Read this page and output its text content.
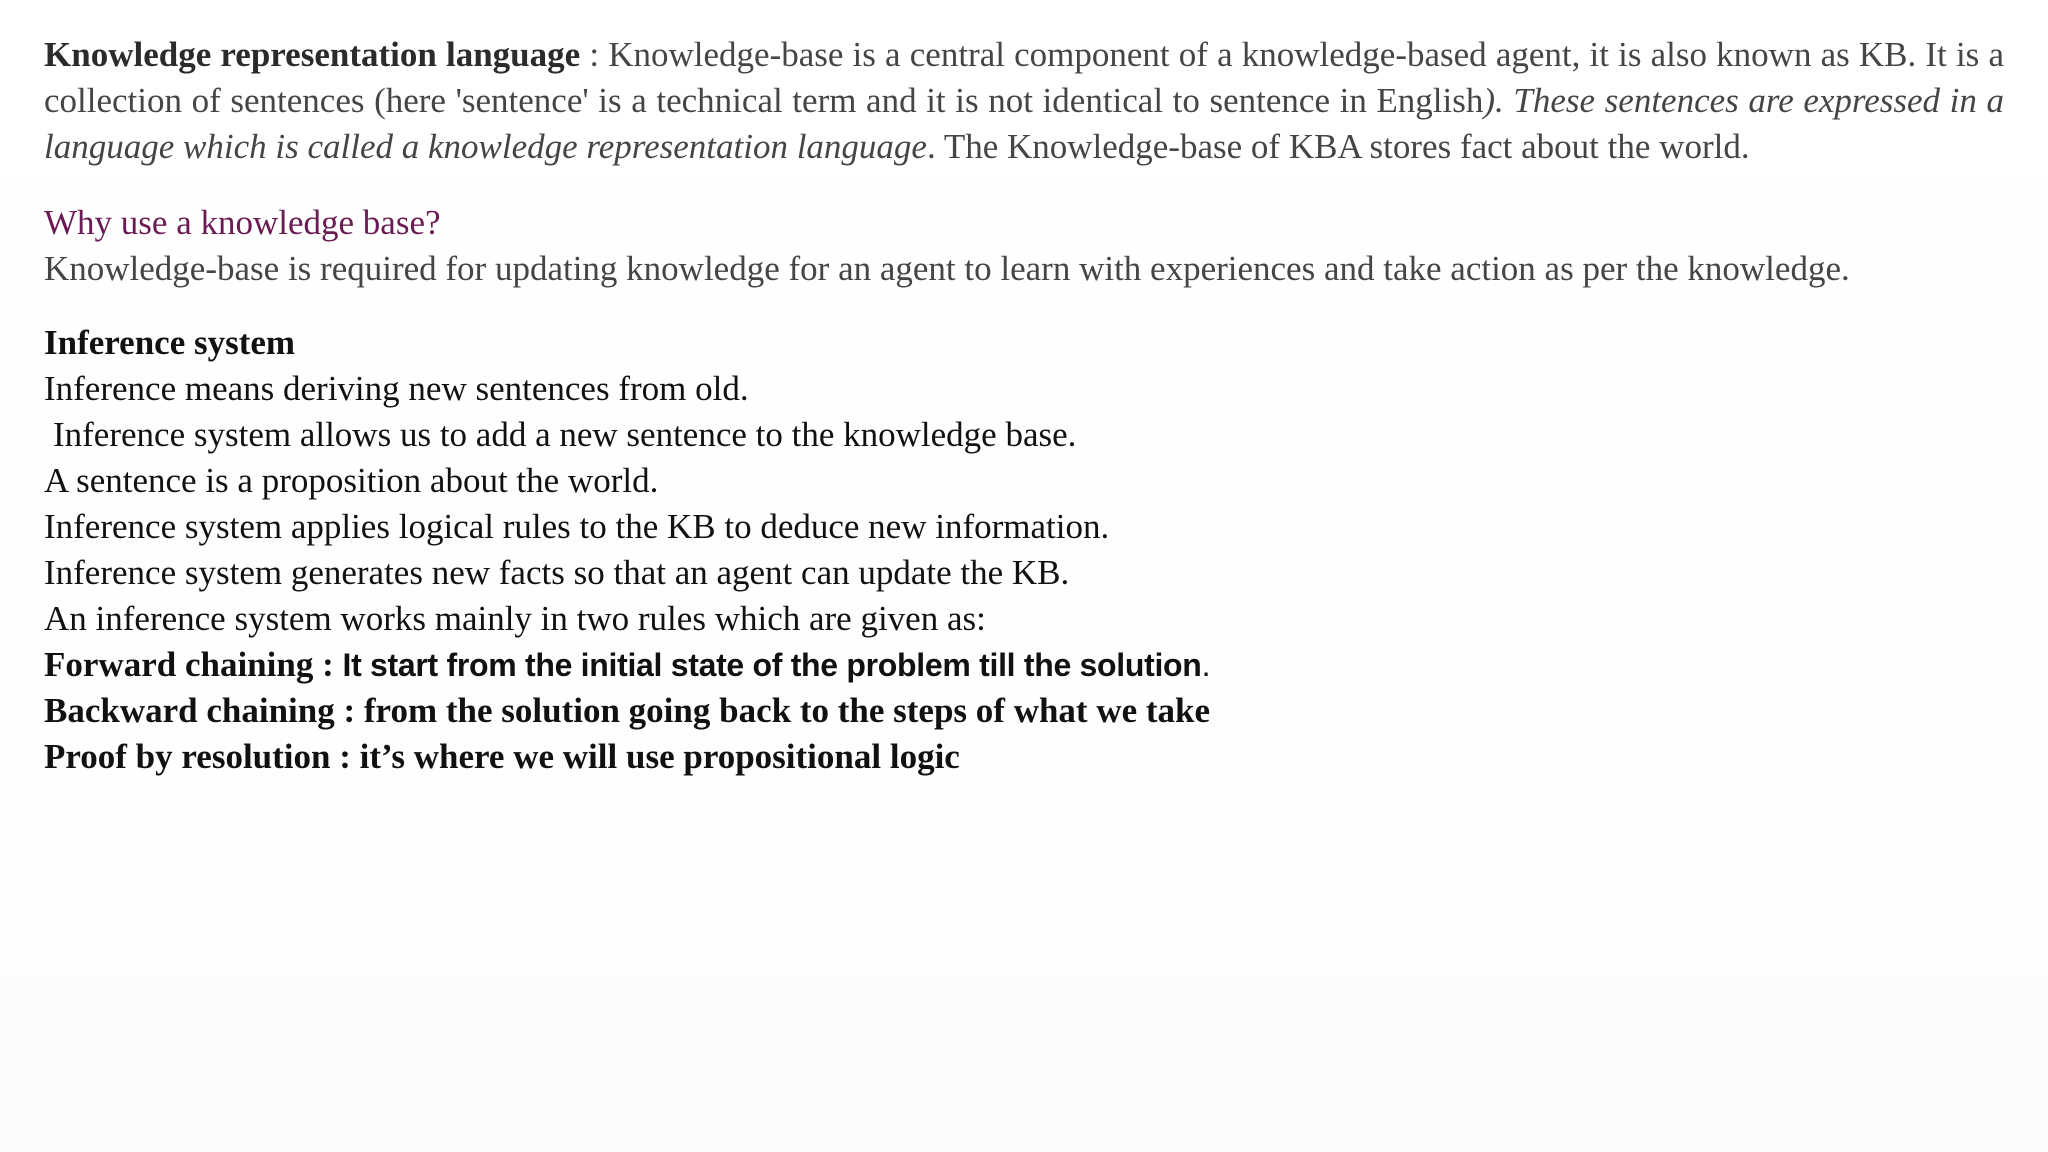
Knowledge representation language : Knowledge-base is a central component of a knowledge-based agent, it is also known as KB. It is a collection of sentences (here 'sentence' is a technical term and it is not identical to sentence in English). These sentences are expressed in a language which is called a knowledge representation language. The Knowledge-base of KBA stores fact about the world.

Why use a knowledge base?

Knowledge-base is required for updating knowledge for an agent to learn with experiences and take action as per the knowledge.

Inference system

Inference means deriving new sentences from old.

Inference system allows us to add a new sentence to the knowledge base.

A sentence is a proposition about the world.

Inference system applies logical rules to the KB to deduce new information.

Inference system generates new facts so that an agent can update the KB.

An inference system works mainly in two rules which are given as:

Forward chaining : It start from the initial state of the problem till the solution.

Backward chaining : from the solution going back to the steps of what we take

Proof by resolution : it’s where we will use propositional logic
